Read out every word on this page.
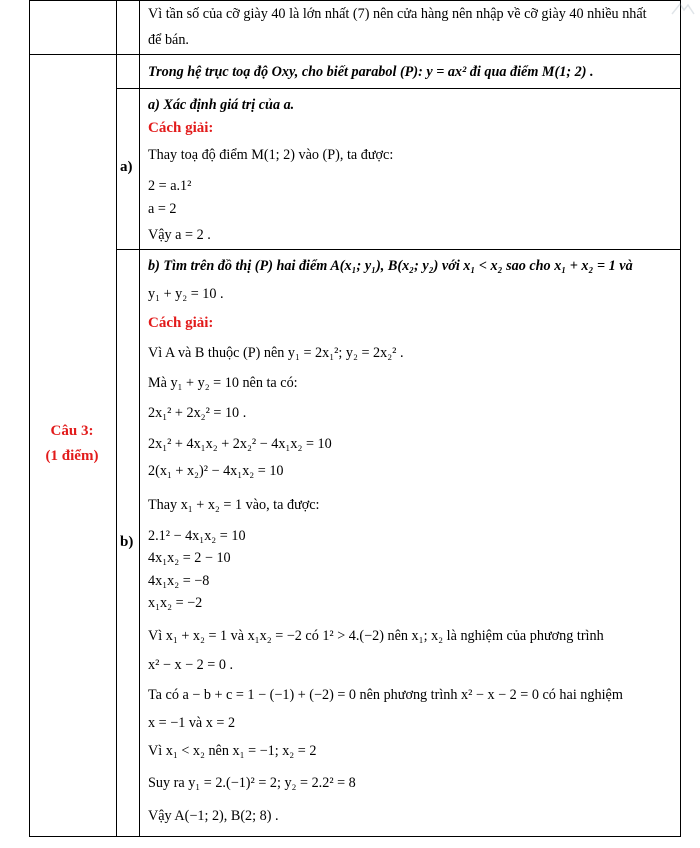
Vì tần số của cỡ giày 40 là lớn nhất (7) nên cửa hàng nên nhập về cỡ giày 40 nhiều nhất
để bán.
Câu 3:
(1 điểm)
Trong hệ trục toạ độ Oxy, cho biết parabol (P): y = ax² đi qua điểm M(1; 2) .
a)
a) Xác định giá trị của a.
Cách giải:
Thay toạ độ điểm M(1; 2) vào (P), ta được:
2 = a.1²
a = 2
Vậy a = 2 .
b)
b) Tìm trên đồ thị (P) hai điểm A(x₁; y₁), B(x₂; y₂) với x₁ < x₂ sao cho x₁ + x₂ = 1 và
y₁ + y₂ = 10 .
Cách giải:
Vì A và B thuộc (P) nên y₁ = 2x₁²; y₂ = 2x₂² .
Mà y₁ + y₂ = 10 nên ta có:
2x₁² + 2x₂² = 10 .
2x₁² + 4x₁x₂ + 2x₂² − 4x₁x₂ = 10
2(x₁ + x₂)² − 4x₁x₂ = 10
Thay x₁ + x₂ = 1 vào, ta được:
2.1² − 4x₁x₂ = 10
4x₁x₂ = 2 − 10
4x₁x₂ = −8
x₁x₂ = −2
Vì x₁ + x₂ = 1 và x₁x₂ = −2 có 1² > 4.(−2) nên x₁; x₂ là nghiệm của phương trình
x² − x − 2 = 0 .
Ta có a − b + c = 1 − (−1) + (−2) = 0 nên phương trình x² − x − 2 = 0 có hai nghiệm
x = −1 và x = 2
Vì x₁ < x₂ nên x₁ = −1; x₂ = 2
Suy ra y₁ = 2.(−1)² = 2; y₂ = 2.2² = 8
Vậy A(−1; 2), B(2; 8) .
